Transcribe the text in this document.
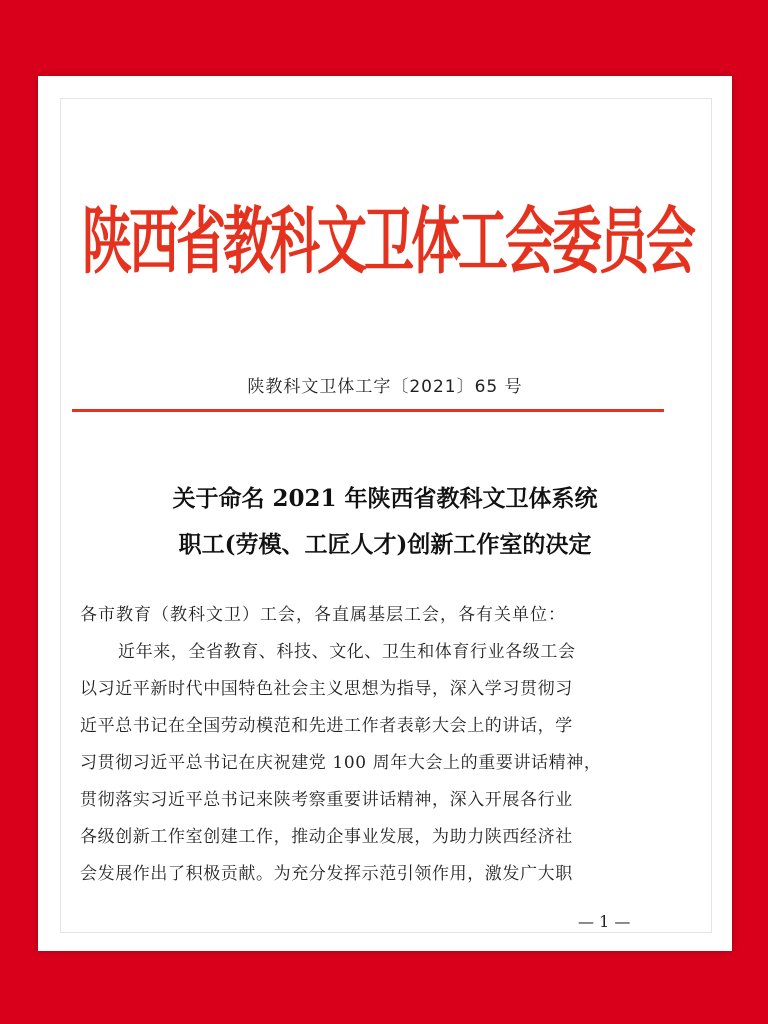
陕西省教科文卫体工会委员会
陕教科文卫体工字〔2021〕65 号
关于命名 2021 年陕西省教科文卫体系统
职工(劳模、工匠人才)创新工作室的决定
各市教育（教科文卫）工会，各直属基层工会，各有关单位：
近年来，全省教育、科技、文化、卫生和体育行业各级工会
以习近平新时代中国特色社会主义思想为指导，深入学习贯彻习
近平总书记在全国劳动模范和先进工作者表彰大会上的讲话，学
习贯彻习近平总书记在庆祝建党 100 周年大会上的重要讲话精神，
贯彻落实习近平总书记来陕考察重要讲话精神，深入开展各行业
各级创新工作室创建工作，推动企事业发展，为助力陕西经济社
会发展作出了积极贡献。为充分发挥示范引领作用，激发广大职
— 1 —
